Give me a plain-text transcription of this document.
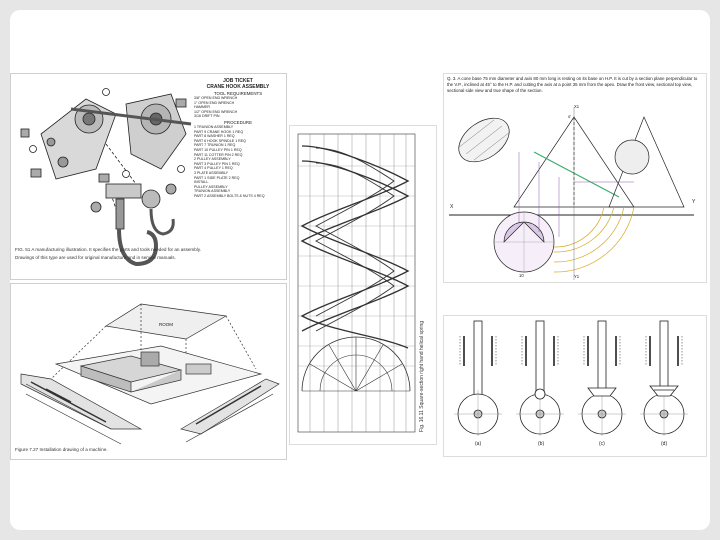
JOB TICKET
CRANE HOOK ASSEMBLY
TOOL REQUIREMENTS
3/8" OPEN END WRENCH
1" OPEN END WRENCH
HAMMER
1/2" OPEN END WRENCH
3/16 DRIFT PIN
PROCEDURE
1 TRUNION ASSEMBLY
PART 9 CRANE HOOK 1 REQ
PART 8 WASHER 1 REQ
PART 6 HOOK SPINDLE 1 REQ
PART 7 TRUNION 1 REQ
PART 10 PULLEY PIN 1 REQ
PART 11 COTTER PIN 2 REQ
2 PULLEY ASSEMBLY
PART 3 PULLEY PIN 1 REQ
PART 4 PULLEY 1 REQ
3 PLATE ASSEMBLY
PART 1 SIDE PLATE 2 REQ
INSTALL
PULLEY ASSEMBLY
TRUNION ASSEMBLY
PART 2 ASSEMBLY BOLTS & NUTS 4 REQ
FIG. 51 A manufacturing illustration. It specifies the parts and tools needed for an assembly.
Drawings of this type are used for original manufacture and in service manuals.
ROOM
Figure 7.27 Installation drawing of a machine.
Fig. 16.11 Square-section right hand helical spring
Q. 3. A cone base 75 mm diameter and axis 80 mm long is resting on its base on H.P. It is cut by a section plane perpendicular to the V.P., inclined at 45° to the H.P. and cutting the axis at a point 35 mm from the apex. Draw the front view, sectional top view, sectional side view and true shape of the section.
X1
X
Y
o'
Y1
10
(a)	(b)	(c)	(d)
